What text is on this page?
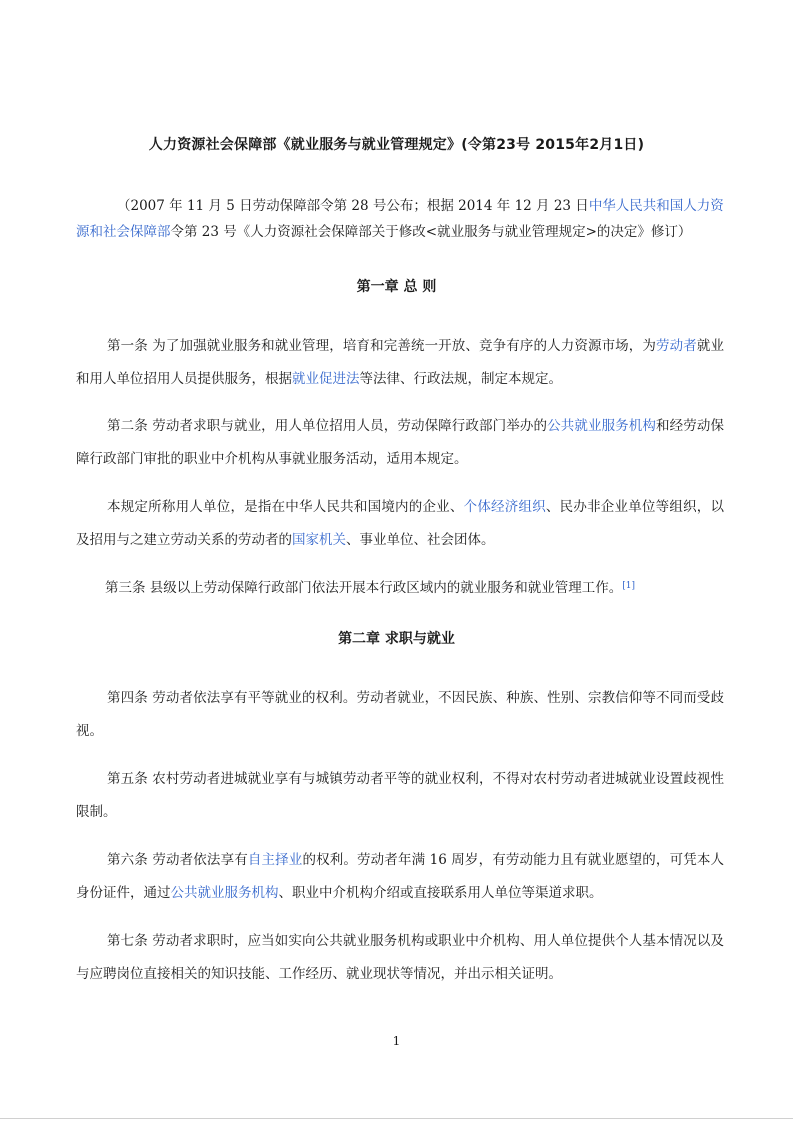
人力资源社会保障部《就业服务与就业管理规定》(令第23号 2015年2月1日)
（2007 年 11 月 5 日劳动保障部令第 28 号公布；根据 2014 年 12 月 23 日中华人民共和国人力资源和社会保障部令第 23 号《人力资源社会保障部关于修改<就业服务与就业管理规定>的决定》修订）
第一章 总 则
第一条 为了加强就业服务和就业管理，培育和完善统一开放、竞争有序的人力资源市场，为劳动者就业和用人单位招用人员提供服务，根据就业促进法等法律、行政法规，制定本规定。
第二条 劳动者求职与就业，用人单位招用人员，劳动保障行政部门举办的公共就业服务机构和经劳动保障行政部门审批的职业中介机构从事就业服务活动，适用本规定。
本规定所称用人单位，是指在中华人民共和国境内的企业、个体经济组织、民办非企业单位等组织，以及招用与之建立劳动关系的劳动者的国家机关、事业单位、社会团体。
第三条 县级以上劳动保障行政部门依法开展本行政区域内的就业服务和就业管理工作。[1]
第二章 求职与就业
第四条 劳动者依法享有平等就业的权利。劳动者就业，不因民族、种族、性别、宗教信仰等不同而受歧视。
第五条 农村劳动者进城就业享有与城镇劳动者平等的就业权利，不得对农村劳动者进城就业设置歧视性限制。
第六条 劳动者依法享有自主择业的权利。劳动者年满 16 周岁，有劳动能力且有就业愿望的，可凭本人身份证件，通过公共就业服务机构、职业中介机构介绍或直接联系用人单位等渠道求职。
第七条 劳动者求职时，应当如实向公共就业服务机构或职业中介机构、用人单位提供个人基本情况以及与应聘岗位直接相关的知识技能、工作经历、就业现状等情况，并出示相关证明。
1
